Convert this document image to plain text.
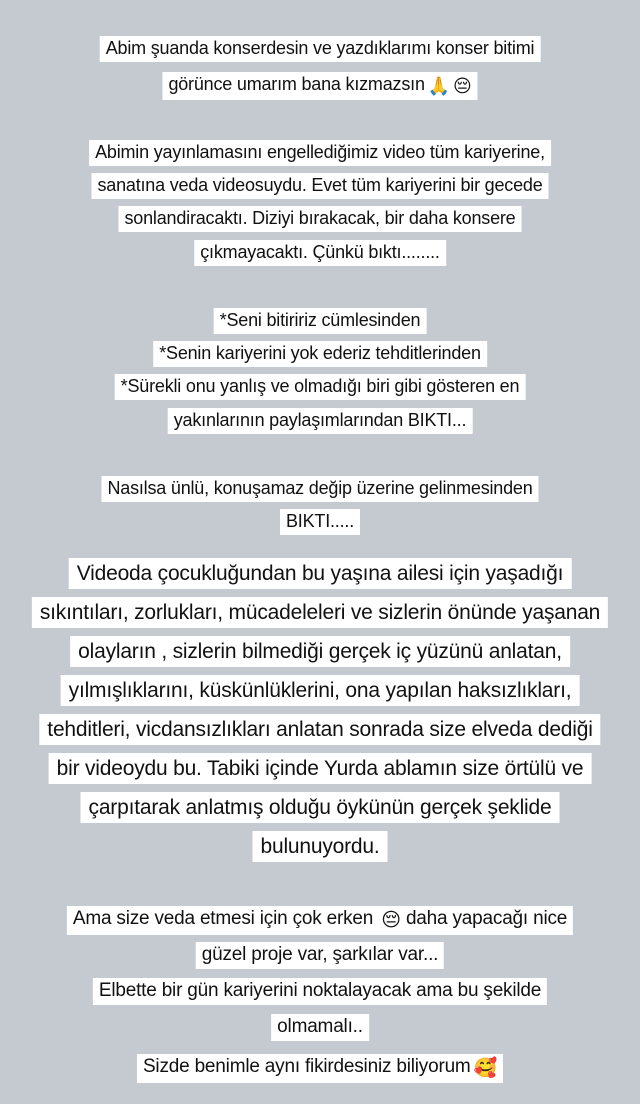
Abim şuanda konserdesin ve yazdıklarımı konser bitimi
görünce umarım bana kızmazsın 🙏 😔
Abimin yayınlamasını engellediğimiz video tüm kariyerine,
sanatına veda videosuydu. Evet tüm kariyerini bir gecede
sonlandiracaktı. Diziyi bırakacak, bir daha konsere
çıkmayacaktı. Çünkü bıktı........
*Seni bitiririz cümlesinden
*Senin kariyerini yok ederiz tehditlerinden
*Sürekli onu yanlış ve olmadığı biri gibi gösteren en
yakınlarının paylaşımlarından BIKTI...
Nasılsa ünlü, konuşamaz değip üzerine gelinmesinden
BIKTI.....
Videoda çocukluğundan bu yaşına ailesi için yaşadığı
sıkıntıları, zorlukları, mücadeleleri ve sizlerin önünde yaşanan
olayların , sizlerin bilmediği gerçek iç yüzünü anlatan,
yılmışlıklarını, küskünlüklerini, ona yapılan haksızlıkları,
tehditleri, vicdansızlıkları anlatan sonrada size elveda dediği
bir videoydu bu. Tabiki içinde Yurda ablamın size örtülü ve
çarpıtarak anlatmış olduğu öykünün gerçek şeklide
bulunuyordu.
Ama size veda etmesi için çok erken 😔 daha yapacağı nice
güzel proje var, şarkılar var...
Elbette bir gün kariyerini noktalayacak ama bu şekilde
olmamalı..
Sizde benimle aynı fikirdesiniz biliyorum 🥰
